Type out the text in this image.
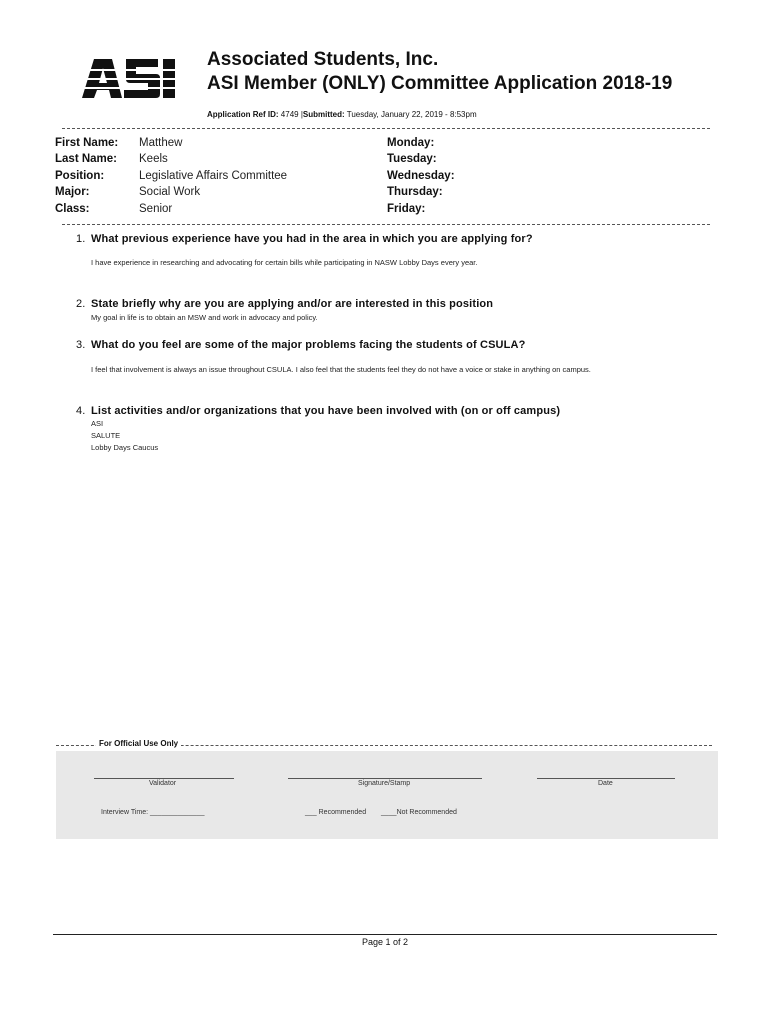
Associated Students, Inc.
ASI Member (ONLY) Committee Application 2018-19
Application Ref ID: 4749 |Submitted: Tuesday, January 22, 2019 - 8:53pm
First Name: Matthew
Last Name: Keels
Position:	Legislative Affairs Committee
Major:	Social Work
Class:	Senior
Monday:
Tuesday:
Wednesday:
Thursday:
Friday:
1. What previous experience have you had in the area in which you are applying for?
I have experience in researching and advocating for certain bills while participating in NASW Lobby Days every year.
2. State briefly why are you are applying and/or are interested in this position
My goal in life is to obtain an MSW and work in advocacy and policy.
3. What do you feel are some of the major problems facing the students of CSULA?
I feel that involvement is always an issue throughout CSULA. I also feel that the students feel they do not have a voice or stake in anything on campus.
4. List activities and/or organizations that you have been involved with (on or off campus)
ASI
SALUTE
Lobby Days Caucus
For Official Use Only
Validator	Signature/Stamp	Date
Interview Time: ______________	___ Recommended ____Not Recommended
Page 1 of 2
